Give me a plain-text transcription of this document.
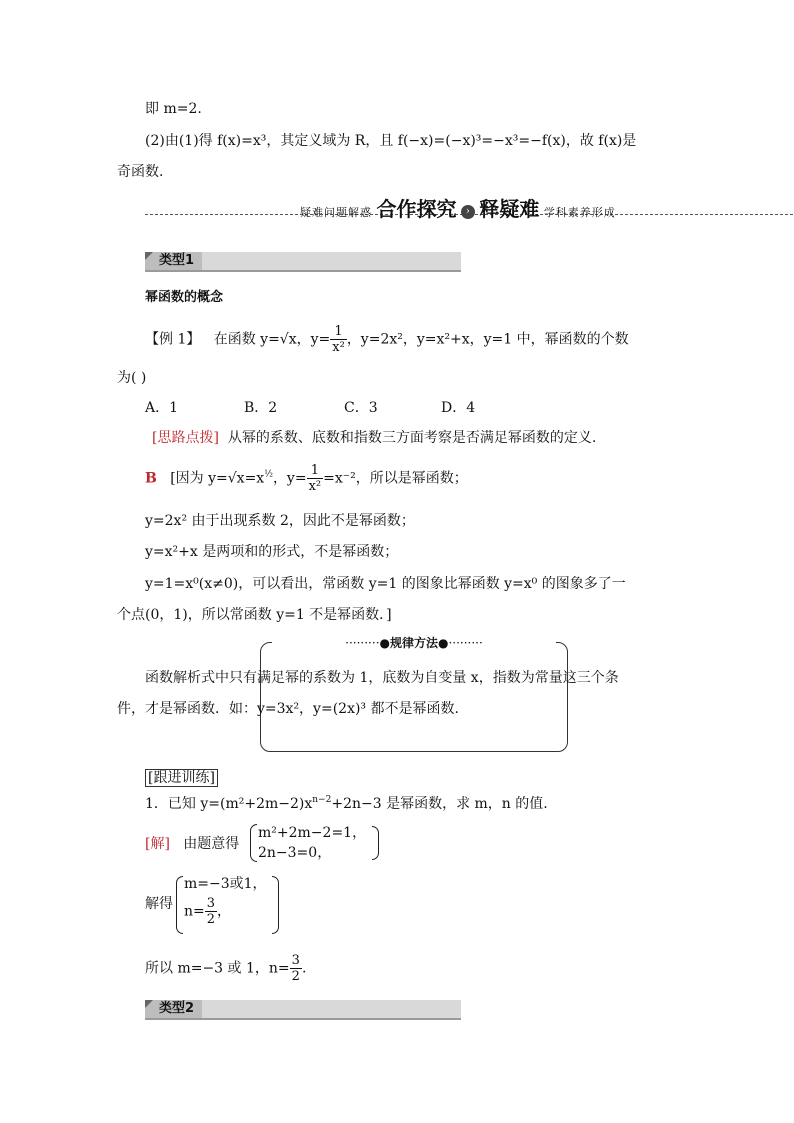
即 m=2.
(2)由(1)得 f(x)=x³，其定义域为 R，且 f(−x)=(−x)³=−x³=−f(x)，故 f(x)是
奇函数.
疑难问题解惑 合作探究 › 释疑难 学科素养形成
类型1
幂函数的概念
【例 1】 在函数 y=√x，$y= \frac{1}{\text{x²}}$ ，y=2x²，y=x²+x，y=1 中，幂函数的个数
为( )
A．1	B．2	C．3	D．4
[思路点拨] 从幂的系数、底数和指数三方面考察是否满足幂函数的定义.
B [因为 $y=√x=x^{\frac{1}{2}}$，$y= \frac{1}{\text{x²}} =x^{-2}$，所以是幂函数；
y=2x² 由于出现系数 2，因此不是幂函数；
y=x²+x 是两项和的形式，不是幂函数；
y=1=x⁰(x≠0)，可以看出，常函数 y=1 的图象比幂函数 y=x⁰ 的图象多了一
个点(0，1)，所以常函数 y=1 不是幂函数．]
·········●规律方法●·········
函数解析式中只有满足幂的系数为 1，底数为自变量 x，指数为常量这三个条
件，才是幂函数．如：y=3x²，y=(2x)³ 都不是幂函数.
[跟进训练]
1．已知 $y=(m^2+2m-2)x^{n-2}+2n-3$ 是幂函数，求 m，n 的值.
[解] 由题意得
m²+2m−2=1，
2n−3=0，
解得
m=−3或1，
$n= \frac{3}{2}$ ，
所以 m=−3 或 1，$n= \frac{3}{2}$ .
类型2
